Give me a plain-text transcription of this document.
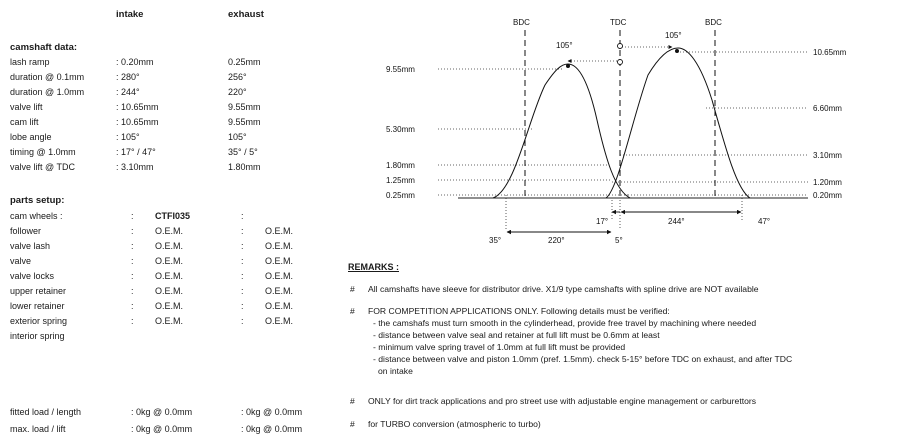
intake	exhaust
camshaft data:
lash ramp	: 0.20mm	0.25mm
duration @ 0.1mm	: 280°	256°
duration @ 1.0mm	: 244°	220°
valve lift	: 10.65mm	9.55mm
cam lift	: 10.65mm	9.55mm
lobe angle	: 105°	105°
timing @ 1.0mm	: 17° / 47°	35° / 5°
valve lift @ TDC	: 3.10mm	1.80mm
parts setup:
cam wheels :	: CTFI035	:
follower	: O.E.M.	: O.E.M.
valve lash	: O.E.M.	: O.E.M.
valve	: O.E.M.	: O.E.M.
valve locks	: O.E.M.	: O.E.M.
upper retainer	: O.E.M.	: O.E.M.
lower retainer	: O.E.M.	: O.E.M.
exterior spring	: O.E.M.	: O.E.M.
interior spring
fitted load / length	: 0kg @ 0.0mm	: 0kg @ 0.0mm
max. load / lift	: 0kg @ 0.0mm	: 0kg @ 0.0mm
BDC	TDC	BDC
105°
105°
9.55mm
5.30mm
1.80mm
1.25mm
0.25mm
10.65mm
6.60mm
3.10mm
1.20mm
0.20mm
17°	244°	47°
35°	220°	5°
REMARKS :
# All camshafts have sleeve for distributor drive. X1/9 type camshafts with spline drive are NOT available
# FOR COMPETITION APPLICATIONS ONLY. Following details must be verified:
- the camshafs must turn smooth in the cylinderhead, provide free travel by machining where needed
- distance between valve seal and retainer at full lift must be 0.6mm at least
- minimum valve spring travel of 1.0mm at full lift must be provided
- distance between valve and piston 1.0mm (pref. 1.5mm). check 5-15° before TDC on exhaust, and after TDC
on intake
# ONLY for dirt track applications and pro street use with adjustable engine management or carburettors
# for TURBO conversion (atmospheric to turbo)
